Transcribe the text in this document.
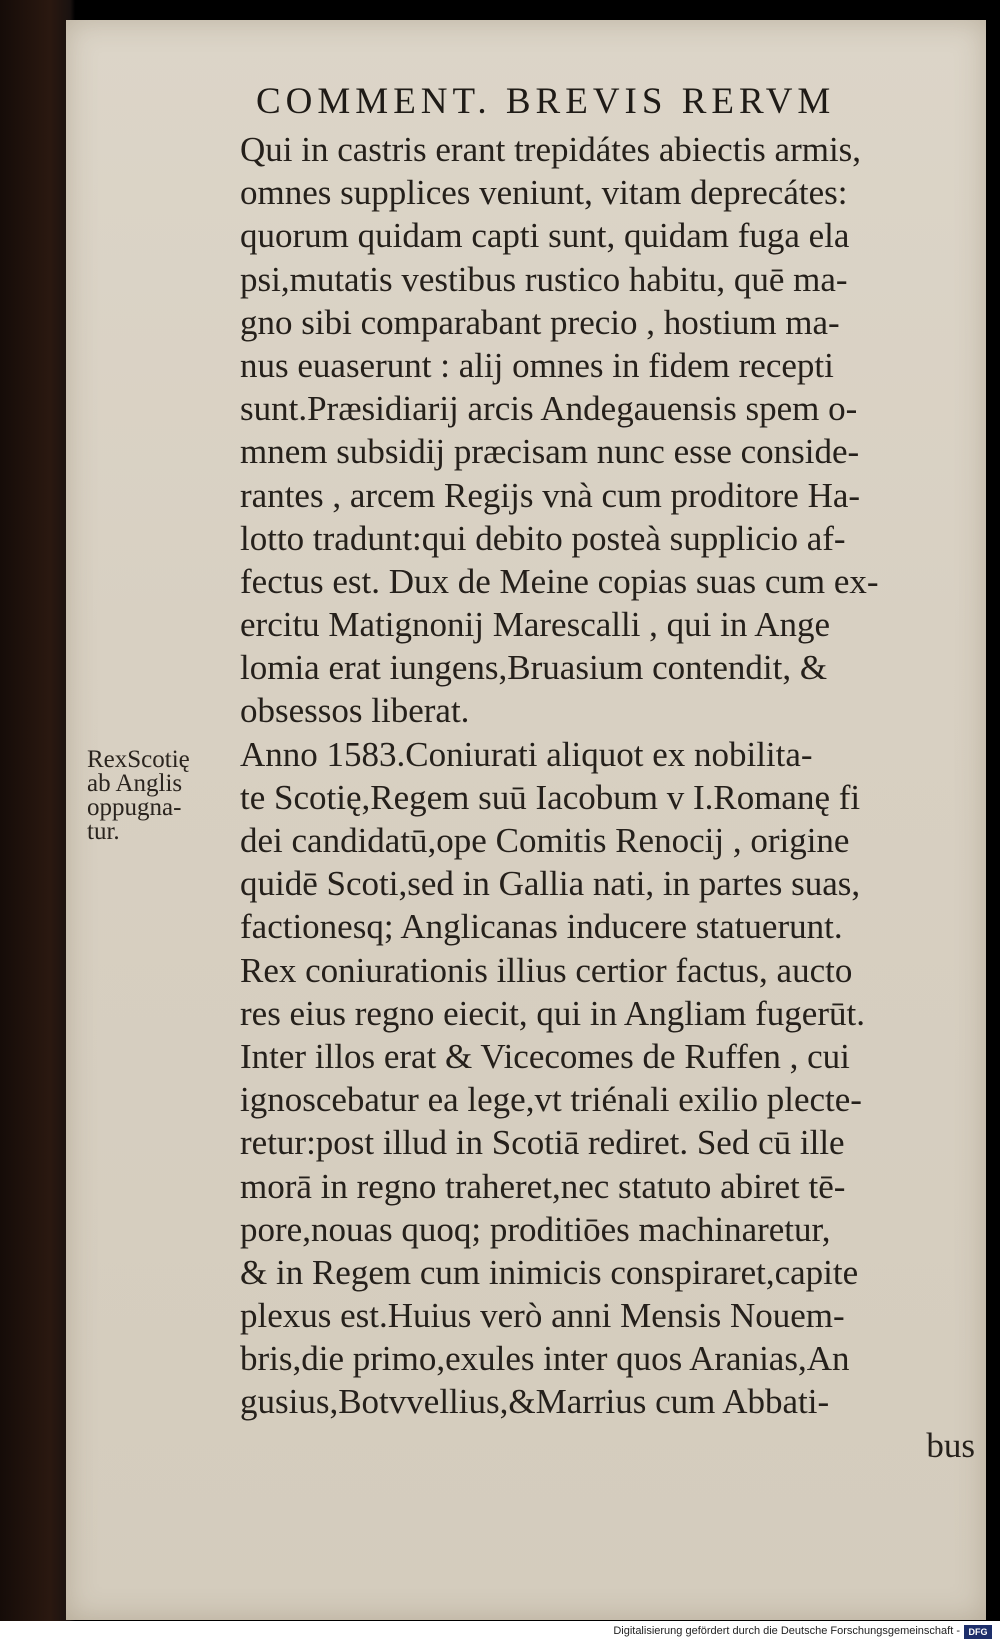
COMMENT. BREVIS RERVM
RexScotię
ab Anglis
oppugna-
tur.
Qui in castris erant trepidátes abiectis armis,
omnes supplices veniunt, vitam deprecátes:
quorum quidam capti sunt, quidam fuga ela
psi,mutatis vestibus rustico habitu, quē ma-
gno sibi comparabant precio , hostium ma-
nus euaserunt : alij omnes in fidem recepti
sunt.Præsidiarij arcis Andegauensis spem o-
mnem subsidij præcisam nunc esse conside-
rantes , arcem Regijs vnà cum proditore Ha-
lotto tradunt:qui debito posteà supplicio af-
fectus est. Dux de Meine copias suas cum ex-
ercitu Matignonij Marescalli , qui in Ange
lomia erat iungens,Bruasium contendit, &
obsessos liberat.
Anno 1583.Coniurati aliquot ex nobilita-
te Scotię,Regem suū Iacobum v I.Romanę fi
dei candidatū,ope Comitis Renocij , origine
quidē Scoti,sed in Gallia nati, in partes suas,
factionesq; Anglicanas inducere statuerunt.
Rex coniurationis illius certior factus, aucto
res eius regno eiecit, qui in Angliam fugerūt.
Inter illos erat & Vicecomes de Ruffen , cui
ignoscebatur ea lege,vt triénali exilio plecte-
retur:post illud in Scotiā rediret. Sed cū ille
morā in regno traheret,nec statuto abiret tē-
pore,nouas quoq; proditiōes machinaretur,
& in Regem cum inimicis conspiraret,capite
plexus est.Huius verò anni Mensis Nouem-
bris,die primo,exules inter quos Aranias,An
gusius,Botvvellius,&Marrius cum Abbati-
bus
Digitalisierung gefördert durch die Deutsche Forschungsgemeinschaft - DFG
